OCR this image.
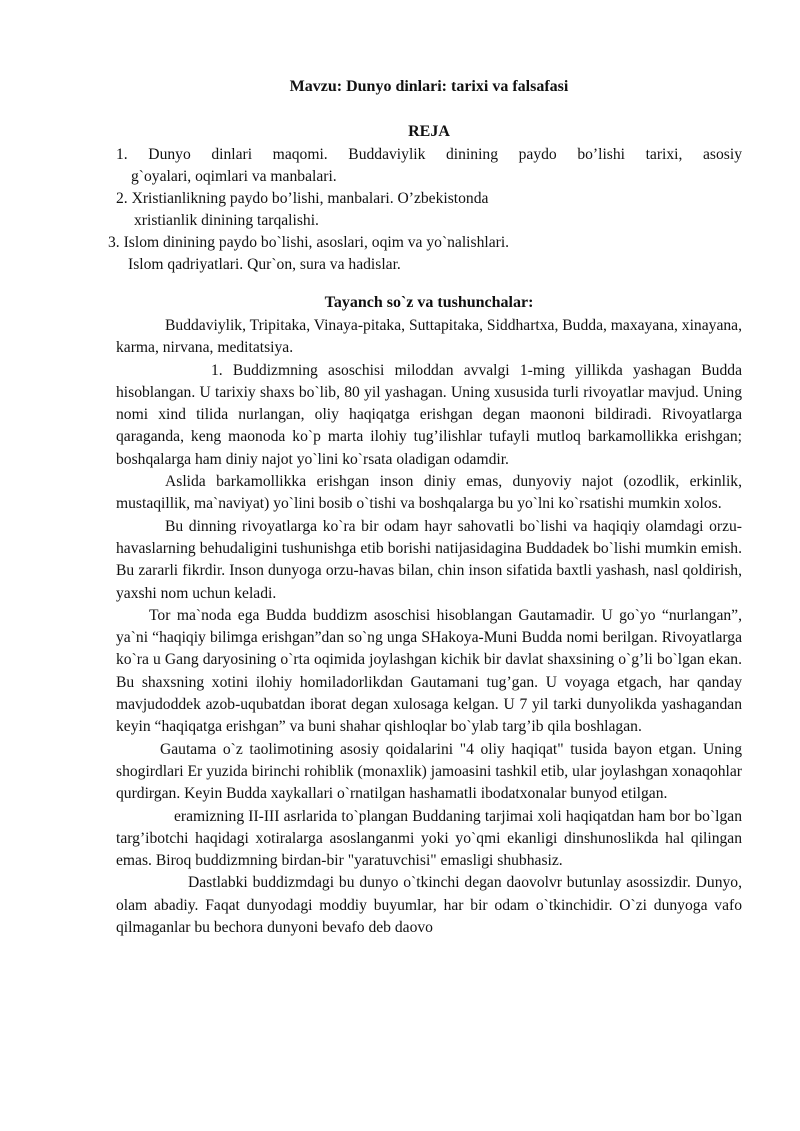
Mavzu: Dunyo dinlari: tarixi va falsafasi
REJA
1. Dunyo dinlari maqomi. Buddaviylik dinining paydo bo’lishi tarixi, asosiy
g`oyalari, oqimlari va manbalari.
2. Xristianlikning paydo bo’lishi, manbalari. O’zbekistonda
xristianlik dinining tarqalishi.
3. Islom dinining paydo bo`lishi, asoslari, oqim va yo`nalishlari.
Islom qadriyatlari. Qur`on, sura va hadislar.
Tayanch so`z va tushunchalar:

Buddaviylik, Tripitaka, Vinaya-pitaka, Suttapitaka, Siddhartxa, Budda, maxayana, xinayana, karma, nirvana, meditatsiya.

1. Buddizmning asoschisi miloddan avvalgi 1-ming yillikda yashagan Budda hisoblangan. U tarixiy shaxs bo`lib, 80 yil yashagan. Uning xususida turli rivoyatlar mavjud. Uning nomi xind tilida nurlangan, oliy haqiqatga erishgan degan maononi bildiradi. Rivoyatlarga qaraganda, keng maonoda ko`p marta ilohiy tug’ilishlar tufayli mutloq barkamollikka erishgan; boshqalarga ham diniy najot yo`lini ko`rsata oladigan odamdir.

Aslida barkamollikka erishgan inson diniy emas, dunyoviy najot (ozodlik, erkinlik, mustaqillik, ma`naviyat) yo`lini bosib o`tishi va boshqalarga bu yo`lni ko`rsatishi mumkin xolos.

Bu dinning rivoyatlarga ko`ra bir odam hayr sahovatli bo`lishi va haqiqiy olamdagi orzu-havaslarning behudaligini tushunishga etib borishi natijasidagina Buddadek bo`lishi mumkin emish. Bu zararli fikrdir. Inson dunyoga orzu-havas bilan, chin inson sifatida baxtli yashash, nasl qoldirish, yaxshi nom uchun keladi.

Tor ma`noda ega Budda buddizm asoschisi hisoblangan Gautamadir. U go`yo “nurlangan”, ya`ni “haqiqiy bilimga erishgan”dan so`ng unga SHakoya-Muni Budda nomi berilgan. Rivoyatlarga ko`ra u Gang daryosining o`rta oqimida joylashgan kichik bir davlat shaxsining o`g’li bo`lgan ekan. Bu shaxsning xotini ilohiy homiladorlikdan Gautamani tug’gan. U voyaga etgach, har qanday mavjudoddek azob-uqubatdan iborat degan xulosaga kelgan. U 7 yil tarki dunyolikda yashagandan keyin “haqiqatga erishgan” va buni shahar qishloqlar bo`ylab targ’ib qila boshlagan.

Gautama o`z taolimotining asosiy qoidalarini "4 oliy haqiqat" tusida bayon etgan. Uning shogirdlari Er yuzida birinchi rohiblik (monaxlik) jamoasini tashkil etib, ular joylashgan xonaqohlar qurdirgan. Keyin Budda xaykallari o`rnatilgan hashamatli ibodatxonalar bunyod etilgan.

eramizning II-III asrlarida to`plangan Buddaning tarjimai xoli haqiqatdan ham bor bo`lgan targ’ibotchi haqidagi xotiralarga asoslanganmi yoki yo`qmi ekanligi dinshunoslikda hal qilingan emas. Biroq buddizmning birdan-bir "yaratuvchisi" emasligi shubhasiz.

Dastlabki buddizmdagi bu dunyo o`tkinchi degan daovolvr butunlay asossizdir. Dunyo, olam abadiy. Faqat dunyodagi moddiy buyumlar, har bir odam o`tkinchidir. O`zi dunyoga vafo qilmaganlar bu bechora dunyoni bevafo deb daovo
